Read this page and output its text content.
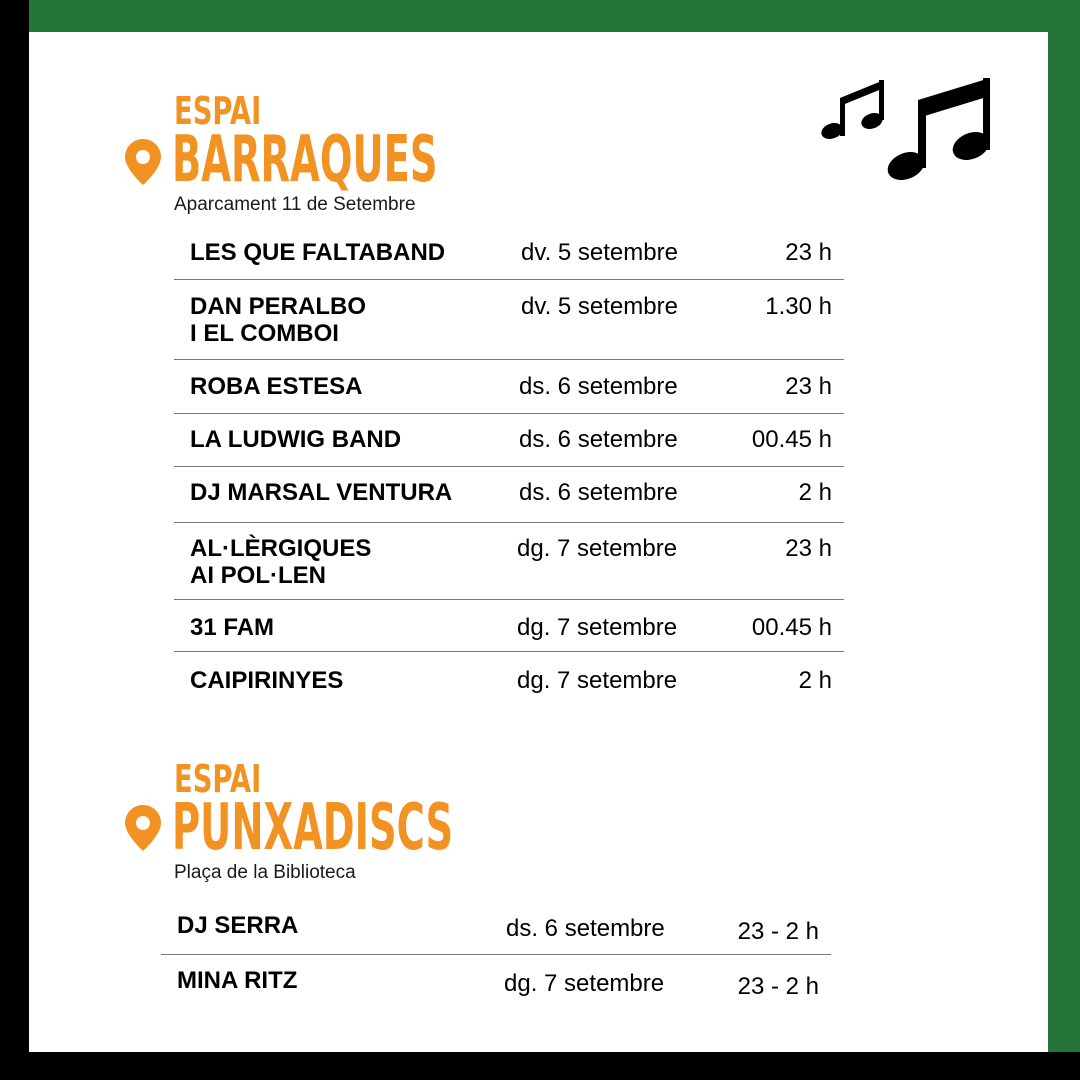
ESPAI
BARRAQUES
Aparcament 11 de Setembre
LES QUE FALTABAND	dv. 5 setembre	23 h
DAN PERALBO
I EL COMBOI
dv. 5 setembre	1.30 h
ROBA ESTESA	ds. 6 setembre	23 h
LA LUDWIG BAND	ds. 6 setembre	00.45 h
DJ MARSAL VENTURA	ds. 6 setembre	2 h
AL·LÈRGIQUES
AI POL·LEN
dg. 7 setembre	23 h
31 FAM	dg. 7 setembre	00.45 h
CAIPIRINYES	dg. 7 setembre	2 h
ESPAI
PUNXADISCS
Plaça de la Biblioteca
DJ SERRA	ds. 6 setembre	23 - 2 h
MINA RITZ	dg. 7 setembre	23 - 2 h
